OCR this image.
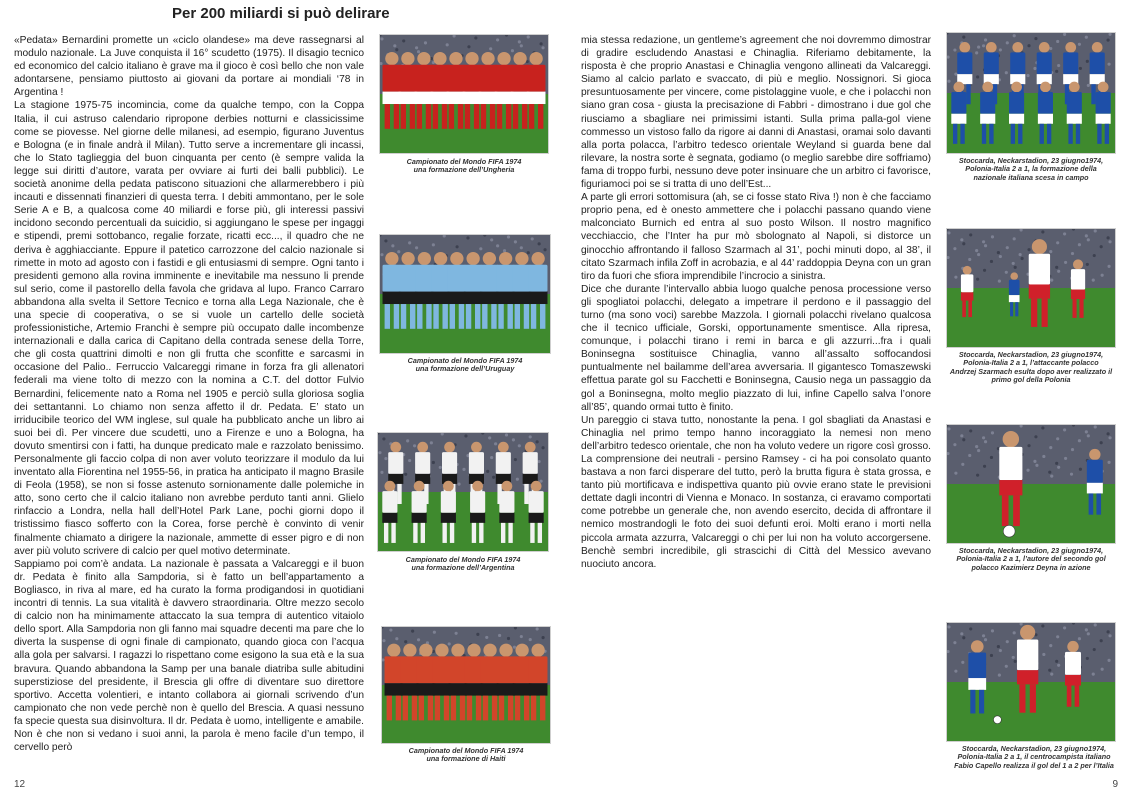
Per 200 miliardi si può delirare

«Pedata» Bernardini promette un «ciclo olandese» ma deve rassegnarsi al modulo nazionale. La Juve conquista il 16° scudetto (1975). Il disagio tecnico ed economico del calcio italiano è grave ma il gioco è così bello che non vale adontarsene, pensiamo piuttosto ai giovani da portare ai mondiali ‘78 in Argentina !

La stagione 1975-75 incomincia, come da qualche tempo, con la Coppa Italia, il cui astruso calendario ripropone derbies notturni e classicissime come se piovesse. Nel giorne delle milanesi, ad esempio, figurano Juventus e Bologna (e in finale andrà il Milan). Tutto serve a incrementare gli incassi, che lo Stato taglieggia del buon cinquanta per cento (è sempre valida la legge sui diritti d’autore, varata per ovviare ai furti dei balli pubblici). Le società anonime della pedata patiscono situazioni che allarmerebbero i più incauti e dissennati finanzieri di questa terra. I debiti ammontano, per le sole Serie A e B, a qualcosa come 40 miliardi e forse più, gli interessi passivi incidono secondo percentuali da suicidio, si aggiungano le spese per ingaggi e stipendi, premi sottobanco, regalie forzate, ricatti ecc..., il quadro che ne deriva è agghiacciante. Eppure il patetico carrozzone del calcio nazionale si rimette in moto ad agosto con i fastidi e gli entusiasmi di sempre. Ogni tanto i presidenti gemono alla rovina imminente e inevitabile ma nessuno li prende sul serio, come il pastorello della favola che gridava al lupo. Franco Carraro abbandona alla svelta il Settore Tecnico e torna alla Lega Nazionale, che è una specie di cooperativa, o se si vuole un cartello delle società professionistiche, Artemio Franchi è sempre più occupato dalle incombenze internazionali e dalla carica di Capitano della contrada senese della Torre, che gli costa quattrini dimolti e non gli frutta che sconfitte e sarcasmi in occasione del Palio.. Ferruccio Valcareggi rimane in forza fra gli allenatori federali ma viene tolto di mezzo con la nomina a C.T. del dottor Fulvio Bernardini, felicemente nato a Roma nel 1905 e perciò sulla gloriosa soglia dei settantanni. Lo chiamo non senza affetto il dr. Pedata. E’ stato un irriducibile teorico del WM inglese, sul quale ha pubblicato anche un libro ai suoi bei dì. Per vincere due scudetti, uno a Firenze e uno a Bologna, ha dovuto smentirsi con i fatti, ha dunque predicato male e razzolato benissimo. Personalmente gli faccio colpa di non aver voluto teorizzare il modulo da lui inventato alla Fiorentina nel 1955-56, in pratica ha anticipato il magno Brasile di Feola (1958), se non si fosse astenuto sornionamente dalle polemiche in atto, sono certo che il calcio italiano non avrebbe perduto tanti anni. Glielo rinfaccio a Londra, nella hall dell’Hotel Park Lane, pochi giorni dopo il tristissimo fiasco sofferto con la Corea, forse perchè è convinto di venir finalmente chiamato a dirigere la nazionale, ammette di esser pigro e di non aver più voluto scrivere di calcio per quel motivo determinate.

Sappiamo poi com’è andata. La nazionale è passata a Valcareggi e il buon dr. Pedata è finito alla Sampdoria, si è fatto un bell’appartamento a Bogliasco, in riva al mare, ed ha curato la forma prodigandosi in quotidiani incontri di tennis. La sua vitalità è davvero straordinaria. Oltre mezzo secolo di calcio non ha minimamente attaccato la sua tempra di autentico vitaiolo dello sport. Alla Sampdoria non gli fanno mai squadre decenti ma pare che lo diverta la suspense di ogni finale di campionato, quando gioca con l’acqua alla gola per salvarsi. I ragazzi lo rispettano come esigono la sua età e la sua bravura. Quando abbandona la Samp per una banale diatriba sulle abitudini superstiziose del presidente, il Brescia gli offre di diventare suo direttore sportivo. Accetta volentieri, e intanto collabora ai giornali scrivendo d’un campionato che non vede perchè non è quello del Brescia. A quasi nessuno fa specie questa sua disinvoltura. Il dr. Pedata è uomo, intelligente e amabile. Non è che non si vedano i suoi anni, la parola è meno facile d’un tempo, il cervello però

mia stessa redazione, un gentleme’s agreement che noi dovremmo dimostrar di gradire escludendo Anastasi e Chinaglia. Riferiamo debitamente, la risposta è che proprio Anastasi e Chinaglia vengono allineati da Valcareggi. Siamo al calcio parlato e svaccato, di più e meglio. Nossignori. Si gioca presuntuosamente per vincere, come pistolaggine vuole, e che i polacchi non siano gran cosa - giusta la precisazione di Fabbri - dimostrano i due gol che riusciamo a sbagliare nei primissimi istanti. Sulla prima palla-gol viene commesso un vistoso fallo da rigore ai danni di Anastasi, oramai solo davanti alla porta polacca, l’arbitro tedesco orientale Weyland si guarda bene dal rilevare, la nostra sorte è segnata, godiamo (o meglio sarebbe dire soffriamo) fama di troppo furbi, nessuno deve poter insinuare che un arbitro ci favorisce, figuriamoci poi se si tratta di uno dell’Est...

A parte gli errori sottomisura (ah, se ci fosse stato Riva !) non è che facciamo proprio pena, ed è onesto ammettere che i polacchi passano quando viene malconciato Burnich ed entra al suo posto Wilson. Il nostro magnifico vecchiaccio, che l’Inter ha pur mò sbolognato al Napoli, si distorce un ginocchio affrontando il falloso Szarmach al 31’, pochi minuti dopo, al 38’, il citato Szarmach infila Zoff in acrobazia, e al 44’ raddoppia Deyna con un gran tiro da fuori che sfiora imprendibile l’incrocio a sinistra.

Dice che durante l’intervallo abbia luogo qualche penosa processione verso gli spogliatoi polacchi, delegato a impetrare il perdono e il passaggio del turno (ma sono voci) sarebbe Mazzola. I giornali polacchi rivelano qualcosa che il tecnico ufficiale, Gorski, opportunamente smentisce. Alla ripresa, comunque, i polacchi tirano i remi in barca e gli azzurri...fra i quali Boninsegna sostituisce Chinaglia, vanno all’assalto soffocandosi puntualmente nel bailamme dell’area avversaria. Il gigantesco Tomaszewski effettua parate gol su Facchetti e Boninsegna, Causio nega un passaggio da gol a Boninsegna, molto meglio piazzato di lui, infine Capello salva l’onore all’85’, quando ormai tutto è finito.

Un pareggio ci stava tutto, nonostante la pena. I gol sbagliati da Anastasi e Chinaglia nel primo tempo hanno incoraggiato la nemesi non meno dell’arbitro tedesco orientale, che non ha voluto vedere un rigore così grosso. La comprensione dei neutrali - persino Ramsey - ci ha poi consolato quanto bastava a non farci disperare del tutto, però la brutta figura è stata grossa, e tanto più mortificava e indispettiva quanto più ovvie erano state le previsioni dettate dagli incontri di Vienna e Monaco. In sostanza, ci eravamo comportati come potrebbe un generale che, non avendo esercito, decida di affrontare il nemico mostrandogli le foto dei suoi defunti eroi. Molti erano i morti nella piccola armata azzurra, Valcareggi o chi per lui non ha voluto accorgersene. Benchè sembri incredibile, gli strascichi di Città del Messico avevano nuociuto ancora.

Campionato del Mondo FIFA 1974
una formazione dell’Ungheria
Campionato del Mondo FIFA 1974
una formazione dell’Uruguay
Campionato del Mondo FIFA 1974
una formazione dell’Argentina
Campionato del Mondo FIFA 1974
una formazione di Haiti
Stoccarda, Neckarstadion, 23 giugno1974,
Polonia-Italia 2 a 1, la formazione della
nazionale italiana scesa in campo
Stoccarda, Neckarstadion, 23 giugno1974,
Polonia-Italia 2 a 1, l’attaccante polacco
Andrzej Szarmach esulta dopo aver realizzato il
primo gol della Polonia
Stoccarda, Neckarstadion, 23 giugno1974,
Polonia-Italia 2 a 1, l’autore del secondo gol
polacco Kazimierz Deyna in azione
Stoccarda, Neckarstadion, 23 giugno1974,
Polonia-Italia 2 a 1, il centrocampista italiano
Fabio Capello realizza il gol del 1 a 2 per l’Italia
12	9
